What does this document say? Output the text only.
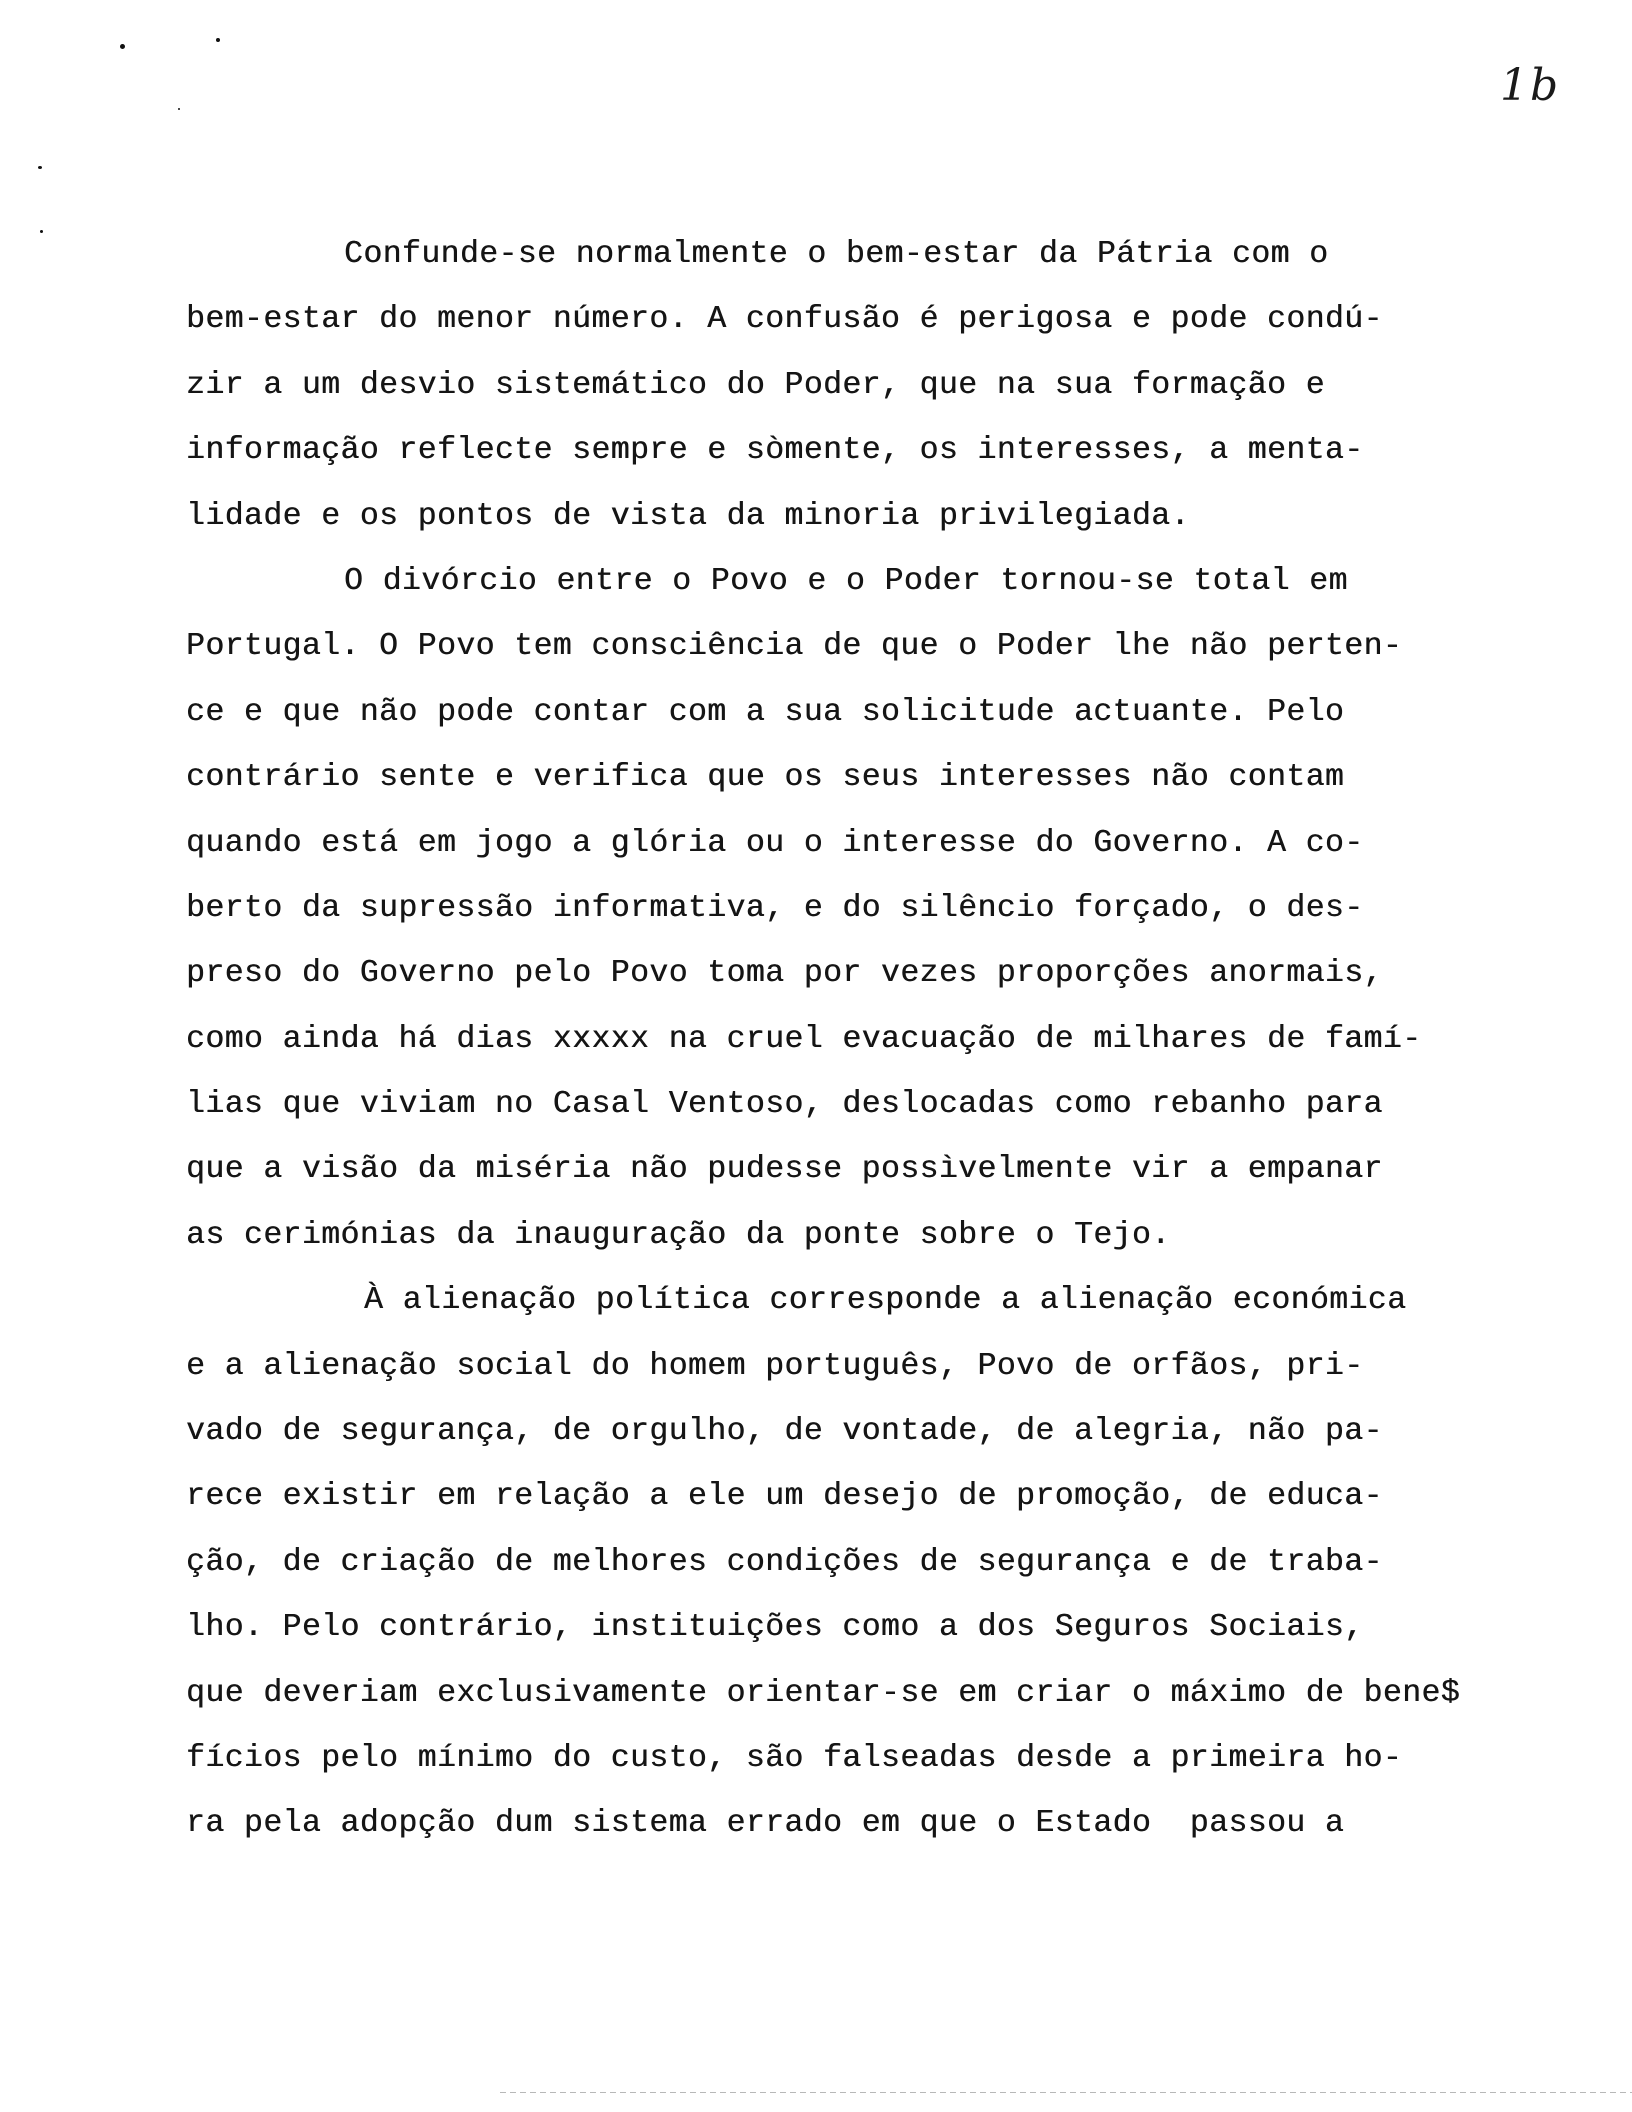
1b
Confunde-se normalmente o bem-estar da Pátria com o
bem-estar do menor número. A confusão é perigosa e pode condú-
zir a um desvio sistemático do Poder, que na sua formação e
informação reflecte sempre e sòmente, os interesses, a menta-
lidade e os pontos de vista da minoria privilegiada.
O divórcio entre o Povo e o Poder tornou-se total em
Portugal. O Povo tem consciência de que o Poder lhe não perten-
ce e que não pode contar com a sua solicitude actuante. Pelo
contrário sente e verifica que os seus interesses não contam
quando está em jogo a glória ou o interesse do Governo. A co-
berto da supressão informativa, e do silêncio forçado, o des-
preso do Governo pelo Povo toma por vezes proporções anormais,
como ainda há dias xxxxx na cruel evacuação de milhares de famí-
lias que viviam no Casal Ventoso, deslocadas como rebanho para
que a visão da miséria não pudesse possìvelmente vir a empanar
as cerimónias da inauguração da ponte sobre o Tejo.
À alienação política corresponde a alienação económica
e a alienação social do homem português, Povo de orfãos, pri-
vado de segurança, de orgulho, de vontade, de alegria, não pa-
rece existir em relação a ele um desejo de promoção, de educa-
ção, de criação de melhores condições de segurança e de traba-
lho. Pelo contrário, instituições como a dos Seguros Sociais,
que deveriam exclusivamente orientar-se em criar o máximo de bene$
fícios pelo mínimo do custo, são falseadas desde a primeira ho-
ra pela adopção dum sistema errado em que o Estado  passou a
